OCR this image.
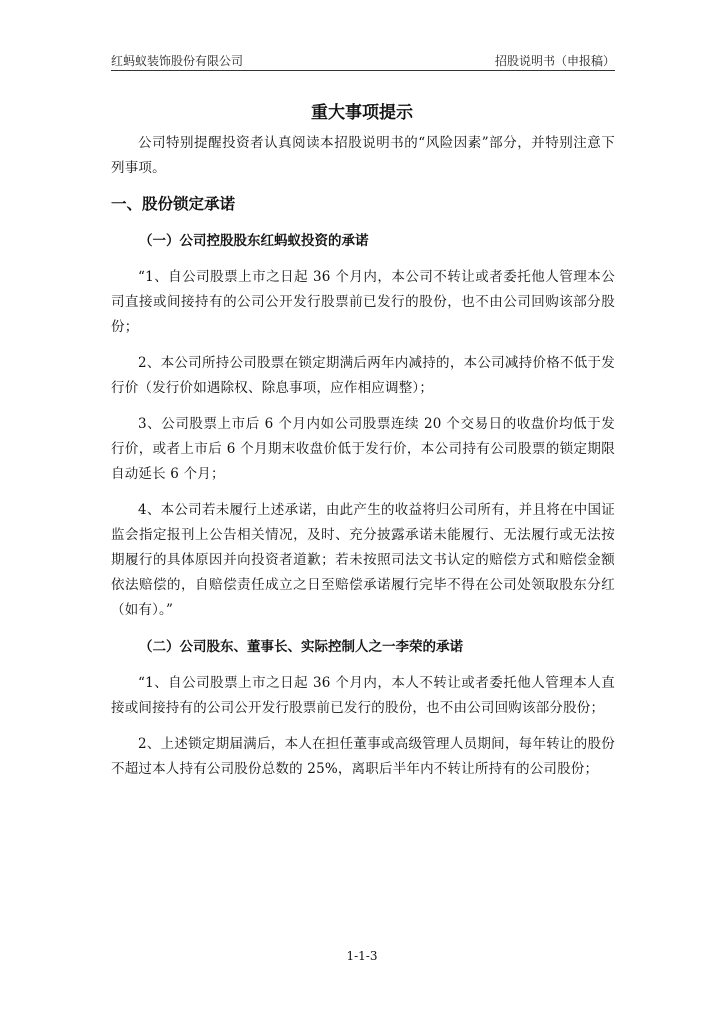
红蚂蚁装饰股份有限公司	招股说明书（申报稿）
重大事项提示

公司特别提醒投资者认真阅读本招股说明书的“风险因素”部分，并特别注意下列事项。

一、股份锁定承诺
（一）公司控股股东红蚂蚁投资的承诺

“1、自公司股票上市之日起 36 个月内，本公司不转让或者委托他人管理本公司直接或间接持有的公司公开发行股票前已发行的股份，也不由公司回购该部分股份；

2、本公司所持公司股票在锁定期满后两年内减持的，本公司减持价格不低于发行价（发行价如遇除权、除息事项，应作相应调整）；

3、公司股票上市后 6 个月内如公司股票连续 20 个交易日的收盘价均低于发行价，或者上市后 6 个月期末收盘价低于发行价，本公司持有公司股票的锁定期限自动延长 6 个月；

4、本公司若未履行上述承诺，由此产生的收益将归公司所有，并且将在中国证监会指定报刊上公告相关情况，及时、充分披露承诺未能履行、无法履行或无法按期履行的具体原因并向投资者道歉；若未按照司法文书认定的赔偿方式和赔偿金额依法赔偿的，自赔偿责任成立之日至赔偿承诺履行完毕不得在公司处领取股东分红（如有）。”

（二）公司股东、董事长、实际控制人之一李荣的承诺

“1、自公司股票上市之日起 36 个月内，本人不转让或者委托他人管理本人直接或间接持有的公司公开发行股票前已发行的股份，也不由公司回购该部分股份；

2、上述锁定期届满后，本人在担任董事或高级管理人员期间，每年转让的股份不超过本人持有公司股份总数的 25%，离职后半年内不转让所持有的公司股份；

1-1-3
